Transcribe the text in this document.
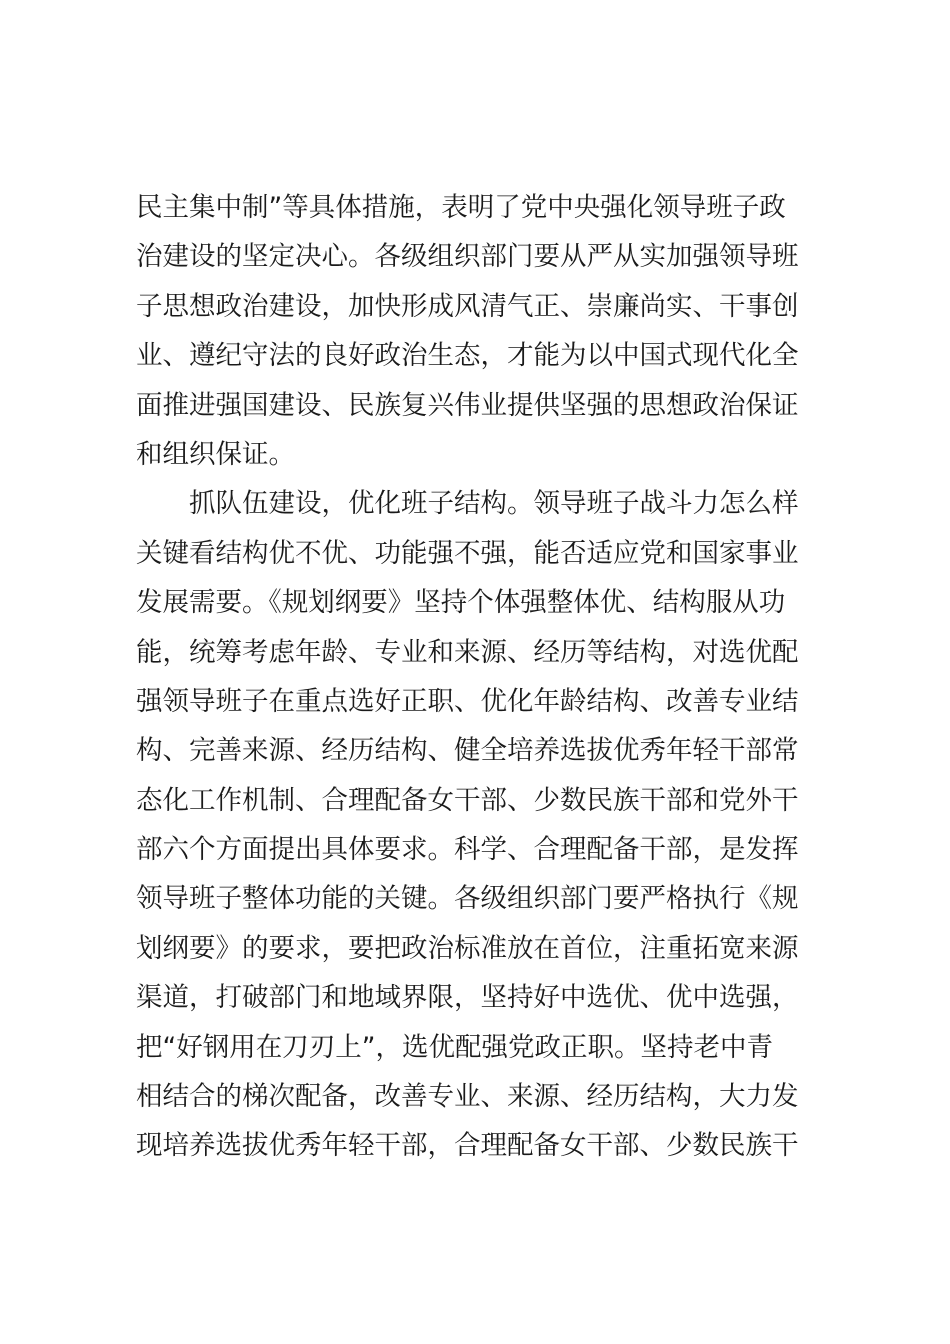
民主集中制”等具体措施，表明了党中央强化领导班子政
治建设的坚定决心。各级组织部门要从严从实加强领导班
子思想政治建设，加快形成风清气正、崇廉尚实、干事创
业、遵纪守法的良好政治生态，才能为以中国式现代化全
面推进强国建设、民族复兴伟业提供坚强的思想政治保证
和组织保证。
　　抓队伍建设，优化班子结构。领导班子战斗力怎么样
关键看结构优不优、功能强不强，能否适应党和国家事业
发展需要。《规划纲要》坚持个体强整体优、结构服从功
能，统筹考虑年龄、专业和来源、经历等结构，对选优配
强领导班子在重点选好正职、优化年龄结构、改善专业结
构、完善来源、经历结构、健全培养选拔优秀年轻干部常
态化工作机制、合理配备女干部、少数民族干部和党外干
部六个方面提出具体要求。科学、合理配备干部，是发挥
领导班子整体功能的关键。各级组织部门要严格执行《规
划纲要》的要求，要把政治标准放在首位，注重拓宽来源
渠道，打破部门和地域界限，坚持好中选优、优中选强，
把“好钢用在刀刃上”，选优配强党政正职。坚持老中青
相结合的梯次配备，改善专业、来源、经历结构，大力发
现培养选拔优秀年轻干部，合理配备女干部、少数民族干
